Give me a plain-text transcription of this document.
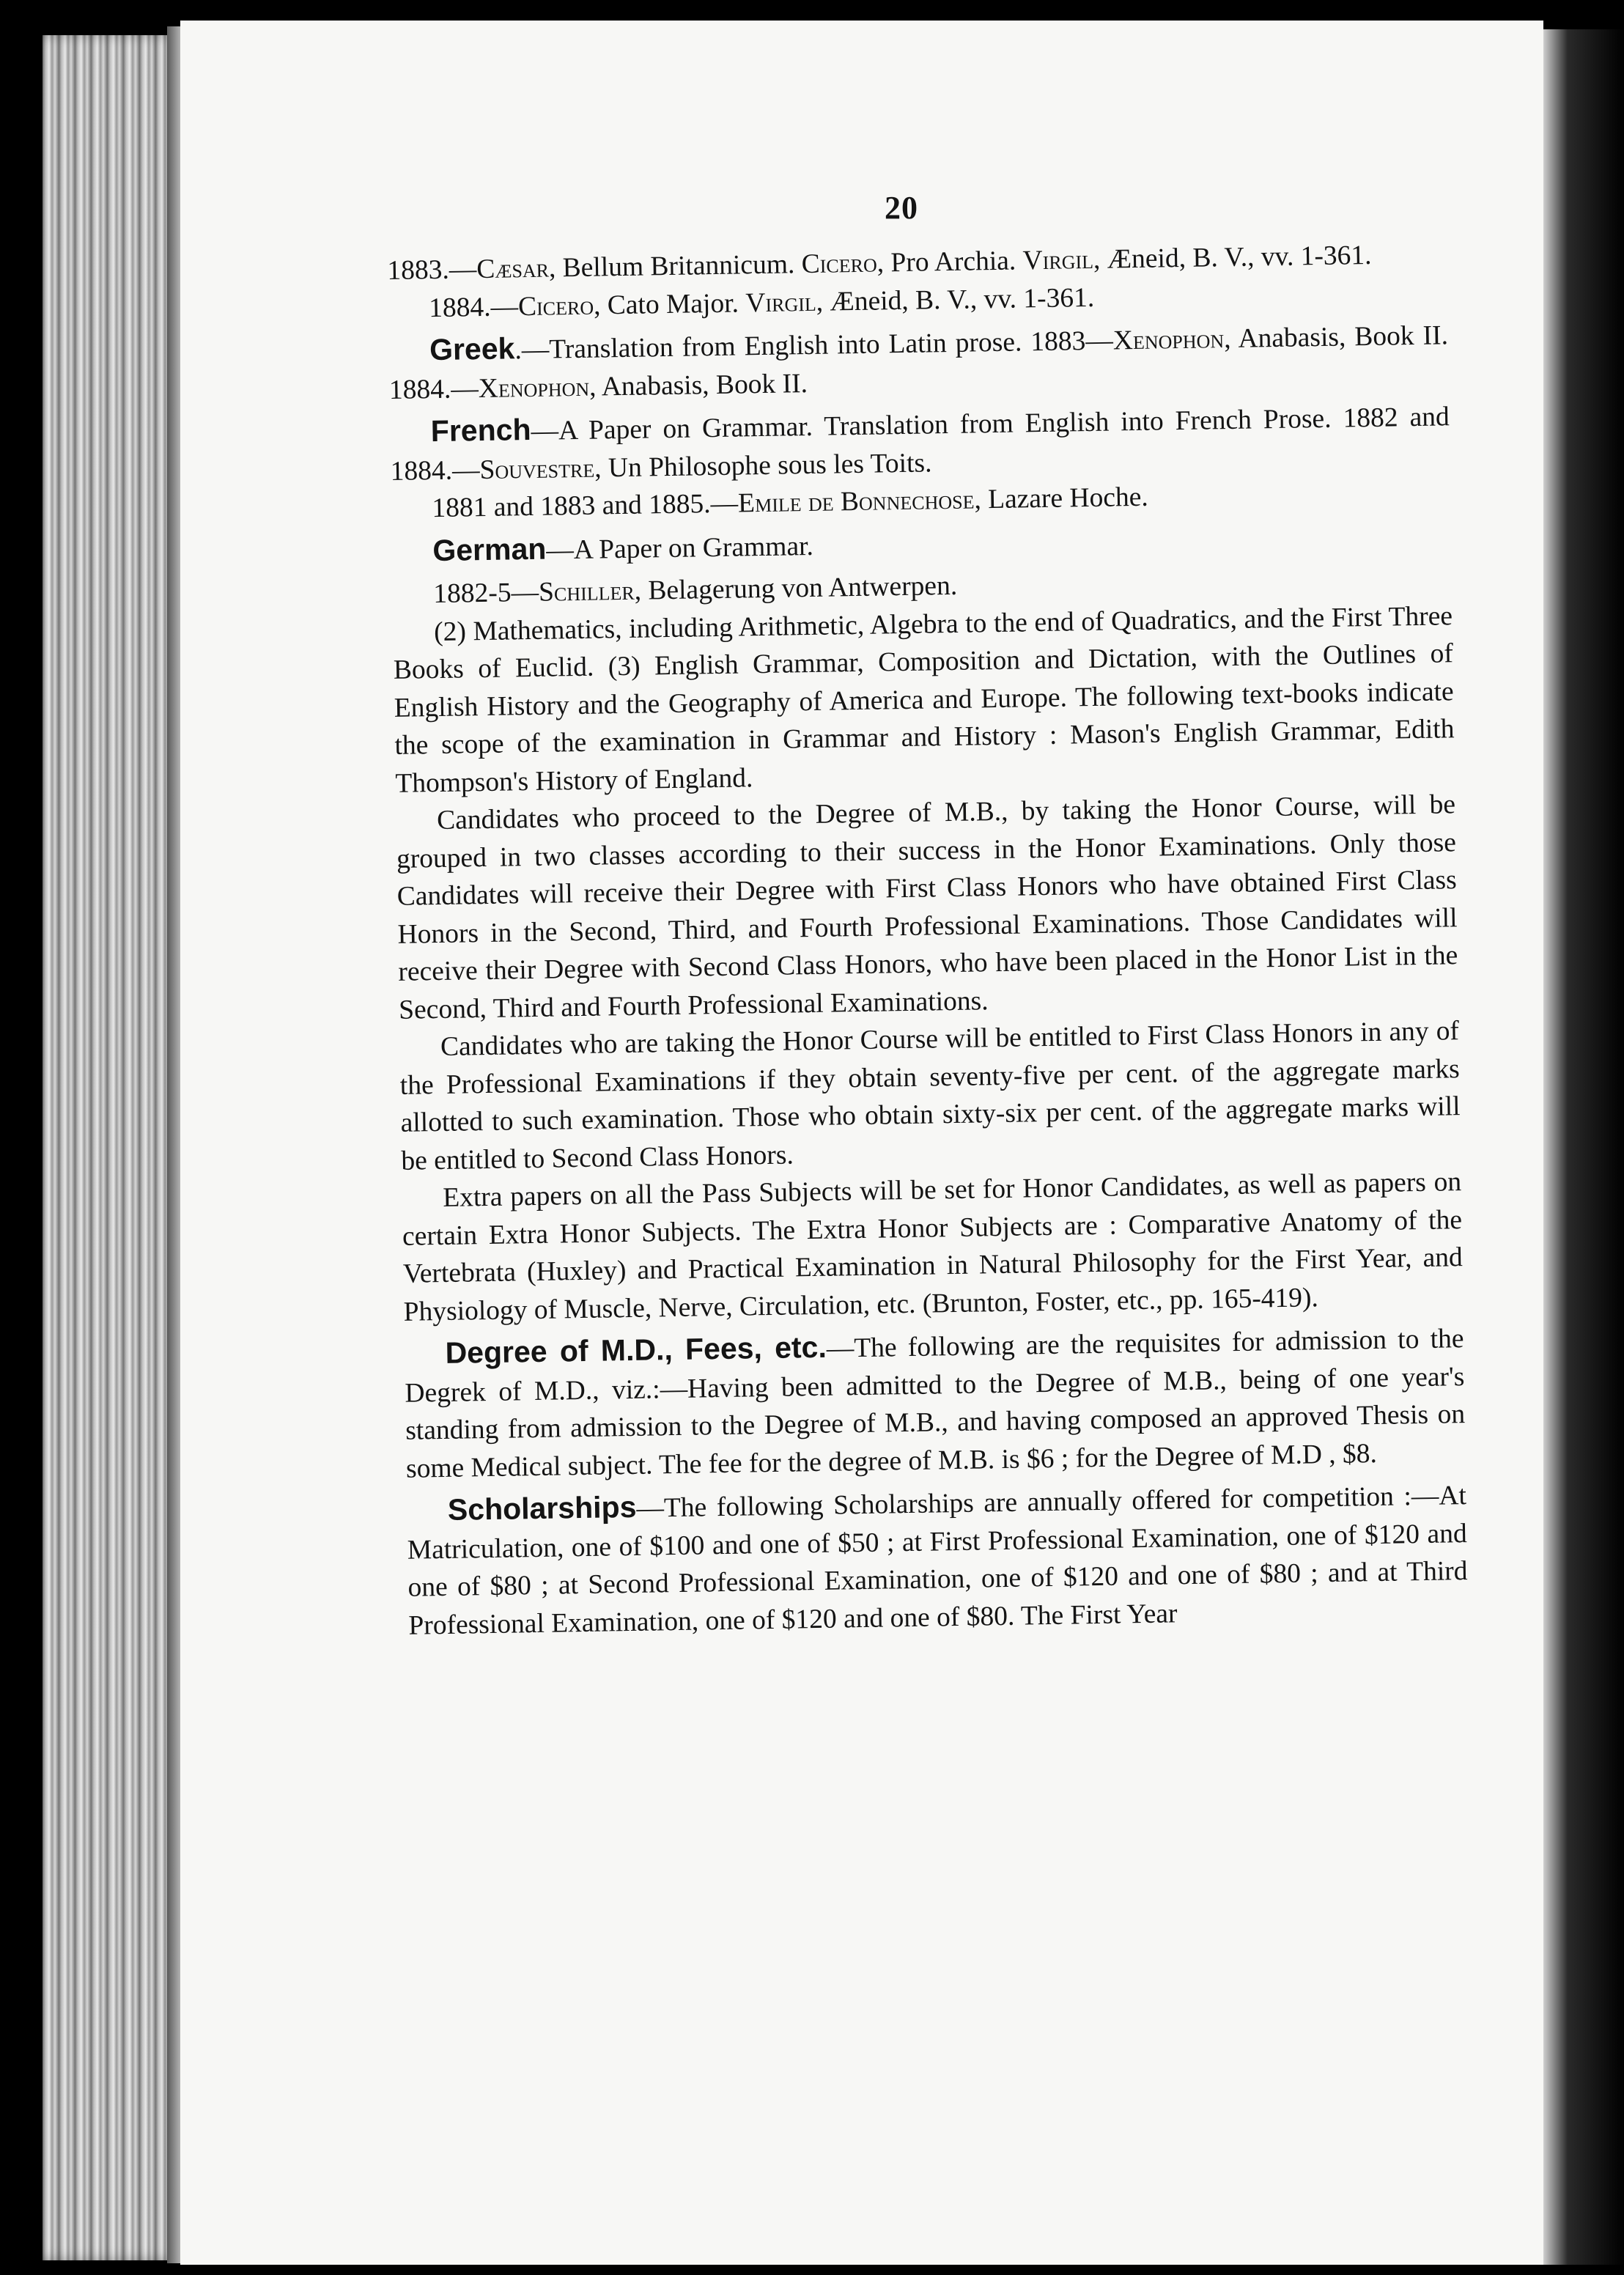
20

1883.—Cæsar, Bellum Britannicum. Cicero, Pro Archia. Virgil, Æneid, B. V., vv. 1-361.

1884.—Cicero, Cato Major. Virgil, Æneid, B. V., vv. 1-361.

Greek.—Translation from English into Latin prose. 1883—Xenophon, Anabasis, Book II. 1884.—Xenophon, Anabasis, Book II.

French—A Paper on Grammar. Translation from English into French Prose. 1882 and 1884.—Souvestre, Un Philosophe sous les Toits.

1881 and 1883 and 1885.—Emile de Bonnechose, Lazare Hoche.

German—A Paper on Grammar.

1882-5—Schiller, Belagerung von Antwerpen.

(2) Mathematics, including Arithmetic, Algebra to the end of Quadratics, and the First Three Books of Euclid. (3) English Grammar, Composition and Dictation, with the Outlines of English History and the Geography of America and Europe. The following text-books indicate the scope of the examination in Grammar and History : Mason's English Grammar, Edith Thompson's History of England.

Candidates who proceed to the Degree of M.B., by taking the Honor Course, will be grouped in two classes according to their success in the Honor Examinations. Only those Candidates will receive their Degree with First Class Honors who have obtained First Class Honors in the Second, Third, and Fourth Professional Examinations. Those Candidates will receive their Degree with Second Class Honors, who have been placed in the Honor List in the Second, Third and Fourth Professional Examinations.

Candidates who are taking the Honor Course will be entitled to First Class Honors in any of the Professional Examinations if they obtain seventy-five per cent. of the aggregate marks allotted to such examination. Those who obtain sixty-six per cent. of the aggregate marks will be entitled to Second Class Honors.

Extra papers on all the Pass Subjects will be set for Honor Candidates, as well as papers on certain Extra Honor Subjects. The Extra Honor Subjects are : Comparative Anatomy of the Vertebrata (Huxley) and Practical Examination in Natural Philosophy for the First Year, and Physiology of Muscle, Nerve, Circulation, etc. (Brunton, Foster, etc., pp. 165-419).

Degree of M.D., Fees, etc.—The following are the requisites for admission to the Degrek of M.D., viz.:—Having been admitted to the Degree of M.B., being of one year's standing from admission to the Degree of M.B., and having composed an approved Thesis on some Medical subject. The fee for the degree of M.B. is $6 ; for the Degree of M.D , $8.

Scholarships—The following Scholarships are annually offered for competition :—At Matriculation, one of $100 and one of $50 ; at First Professional Examination, one of $120 and one of $80 ; at Second Professional Examination, one of $120 and one of $80 ; and at Third Professional Examination, one of $120 and one of $80. The First Year
